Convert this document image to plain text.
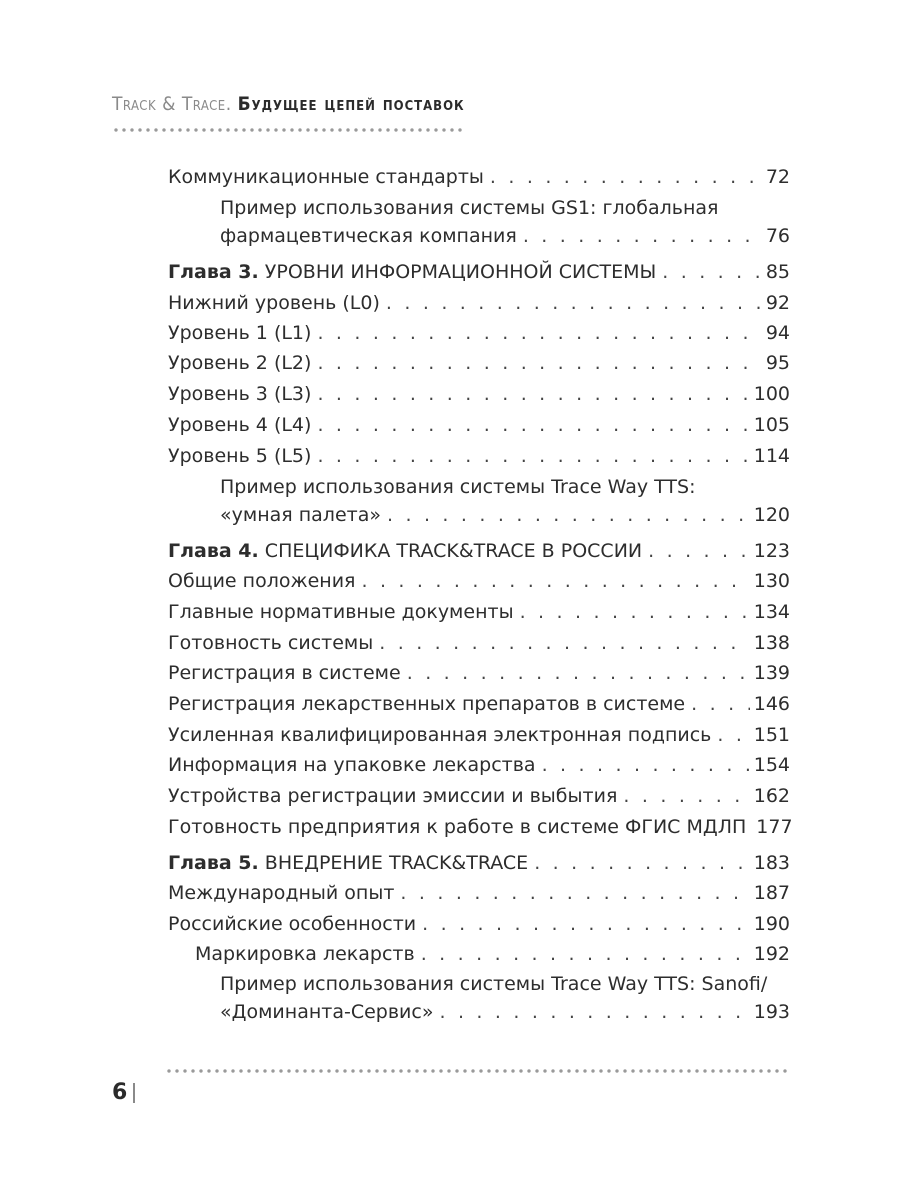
Track & Trace. Будущее цепей поставок
Коммуникационные стандарты . . .	72
Пример использования системы GS1: глобальная
фармацевтическая компания . . .	76
Глава 3. УРОВНИ ИНФОРМАЦИОННОЙ СИСТЕМЫ . . .	85
Нижний уровень (L0) . . .	92
Уровень 1 (L1) . . .	94
Уровень 2 (L2) . . .	95
Уровень 3 (L3) . . .	100
Уровень 4 (L4) . . .	105
Уровень 5 (L5) . . .	114
Пример использования системы Trace Way TTS:
«умная палета» . . .	120
Глава 4. СПЕЦИФИКА TRACK&TRACE В РОССИИ . . .	123
Общие положения . . .	130
Главные нормативные документы . . .	134
Готовность системы . . .	138
Регистрация в системе . . .	139
Регистрация лекарственных препаратов в системе . . .	146
Усиленная квалифицированная электронная подпись . . . 151
Информация на упаковке лекарства . . .	154
Устройства регистрации эмиссии и выбытия . . .	162
Готовность предприятия к работе в системе ФГИС МДЛП . . . 177
Глава 5. ВНЕДРЕНИЕ TRACK&TRACE . . .	183
Международный опыт . . .	187
Российские особенности . . .	190
Маркировка лекарств . . .	192
Пример использования системы Trace Way TTS: Sanofi/
«Доминанта-Сервис» . . .	193
6
